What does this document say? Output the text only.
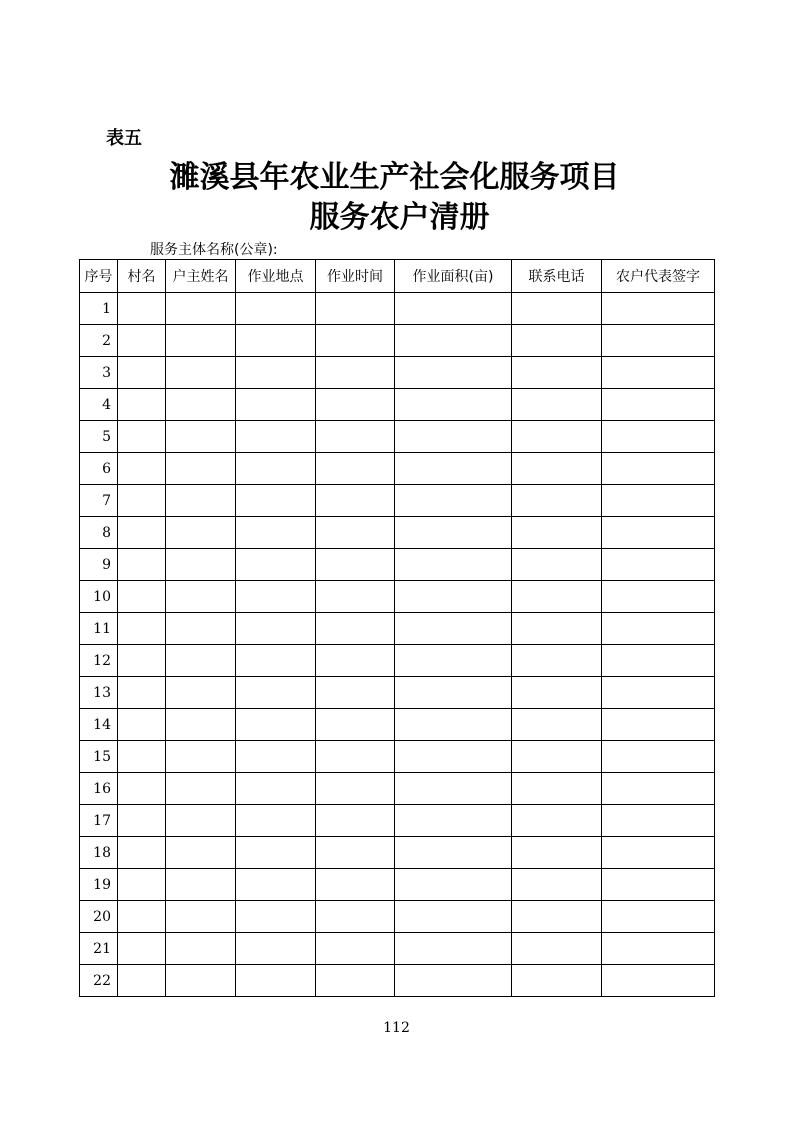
表五
濉溪县年农业生产社会化服务项目
服务农户清册
服务主体名称(公章):
序号	村名	户主姓名	作业地点	作业时间	作业面积(亩)	联系电话	农户代表签字
1							
2							
3							
4							
5							
6							
7							
8							
9							
10							
11							
12							
13							
14							
15							
16							
17							
18							
19							
20							
21							
22							
112
